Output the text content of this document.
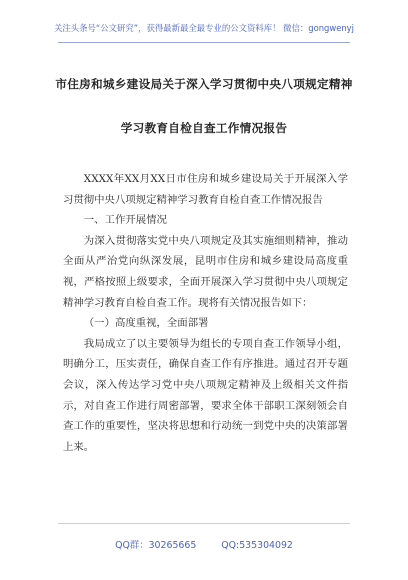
关注头条号“公文研究”，获得最新最全最专业的公文资料库！ 微信：gongwenyj
市住房和城乡建设局关于深入学习贯彻中央八项规定精神
学习教育自检自查工作情况报告

XXXX年XX月XX日市住房和城乡建设局关于开展深入学习贯彻中央八项规定精神学习教育自检自查工作情况报告

一、工作开展情况

为深入贯彻落实党中央八项规定及其实施细则精神，推动全面从严治党向纵深发展，昆明市住房和城乡建设局高度重视，严格按照上级要求，全面开展深入学习贯彻中央八项规定精神学习教育自检自查工作。现将有关情况报告如下：

（一）高度重视，全面部署

我局成立了以主要领导为组长的专项自查工作领导小组，明确分工，压实责任，确保自查工作有序推进。通过召开专题会议，深入传达学习党中央八项规定精神及上级相关文件指示，对自查工作进行周密部署，要求全体干部职工深刻领会自查工作的重要性，坚决将思想和行动统一到党中央的决策部署上来。

QQ群：30265665	QQ:535304092
